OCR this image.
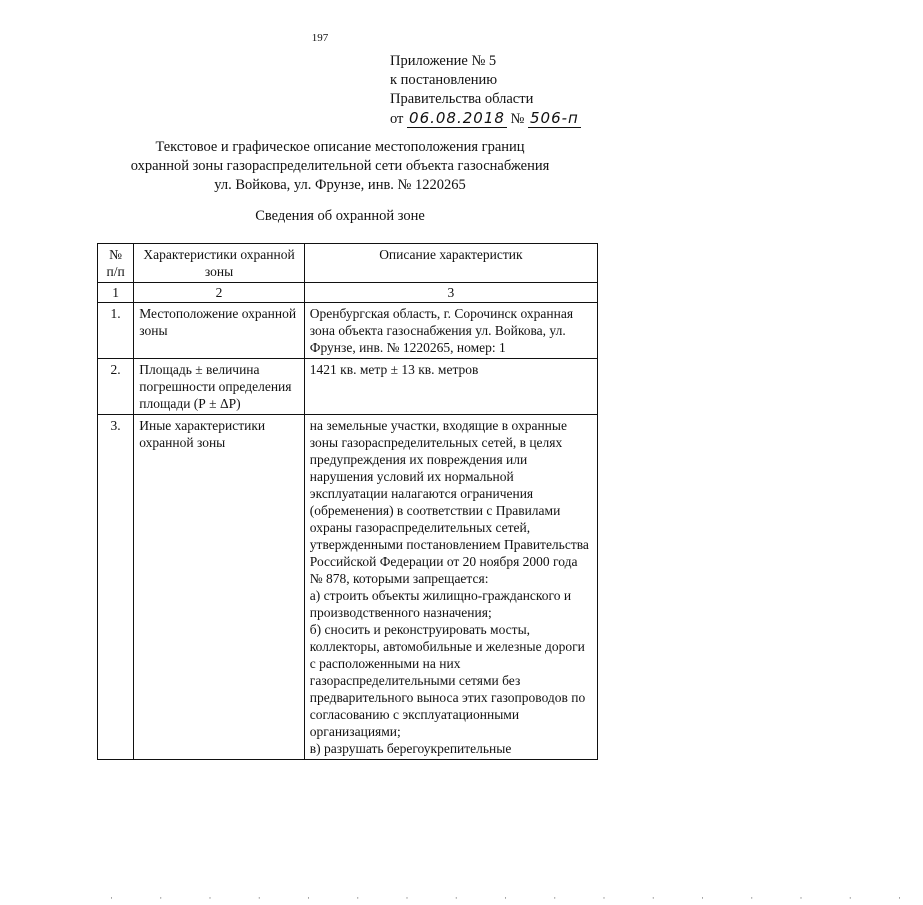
197
Приложение № 5
к постановлению
Правительства области
от 06.08.2018 № 506-п
Текстовое и графическое описание местоположения границ
охранной зоны газораспределительной сети объекта газоснабжения
ул. Войкова, ул. Фрунзе, инв. № 1220265
Сведения об охранной зоне
№
п/п	Характеристики охранной зоны	Описание характеристик
1	2	3
1.	Местоположение охранной зоны	Оренбургская область, г. Сорочинск охранная зона объекта газоснабжения ул. Войкова, ул. Фрунзе, инв. № 1220265, номер: 1
2.	Площадь ± величина погрешности определения площади (Р ± ΔР)	1421 кв. метр ± 13 кв. метров
3.	Иные характеристики охранной зоны	на земельные участки, входящие в охранные зоны газораспределительных сетей, в целях предупреждения их повреждения или нарушения условий их нормальной эксплуатации налагаются ограничения (обременения) в соответствии с Правилами охраны газораспределительных сетей, утвержденными постановлением Правительства Российской Федерации от 20 ноября 2000 года № 878, которыми запрещается:
а) строить объекты жилищно-гражданского и производственного назначения;
б) сносить и реконструировать мосты, коллекторы, автомобильные и железные дороги с расположенными на них газораспределительными сетями без предварительного выноса этих газопроводов по согласованию с эксплуатационными организациями;
в) разрушать берегоукрепительные
· · · · · · · · · · · · · · · · ·
